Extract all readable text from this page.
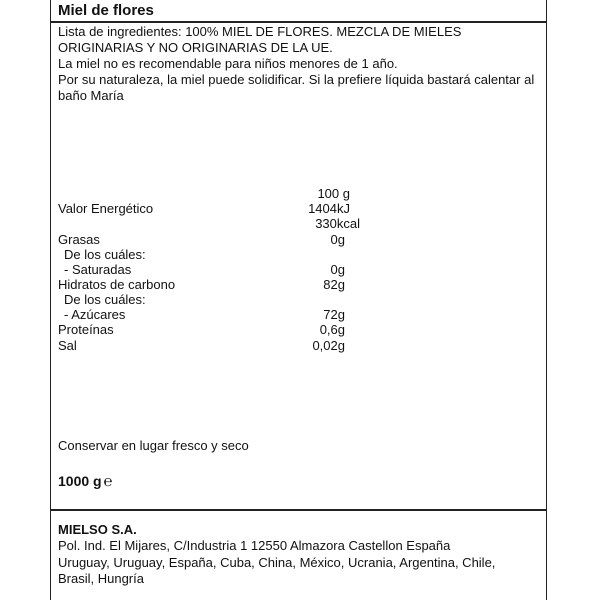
Miel de flores
Lista de ingredientes: 100% MIEL DE FLORES. MEZCLA DE MIELES
ORIGINARIAS Y NO ORIGINARIAS DE LA UE.
La miel no es recomendable para niños menores de 1 año.
Por su naturaleza, la miel puede solidificar. Si la prefiere líquida bastará calentar al
baño María
100 g
Valor Energético	1404kJ
330kcal
Grasas	0g
De los cuáles:
- Saturadas	0g
Hidratos de carbono	82g
De los cuáles:
- Azúcares	72g
Proteínas	0,6g
Sal	0,02g
Conservar en lugar fresco y seco
1000 g ℮
MIELSO S.A.
Pol. Ind. El Mijares, C/Industria 1 12550 Almazora Castellon España
Uruguay, Uruguay, España, Cuba, China, México, Ucrania, Argentina, Chile,
Brasil, Hungría
